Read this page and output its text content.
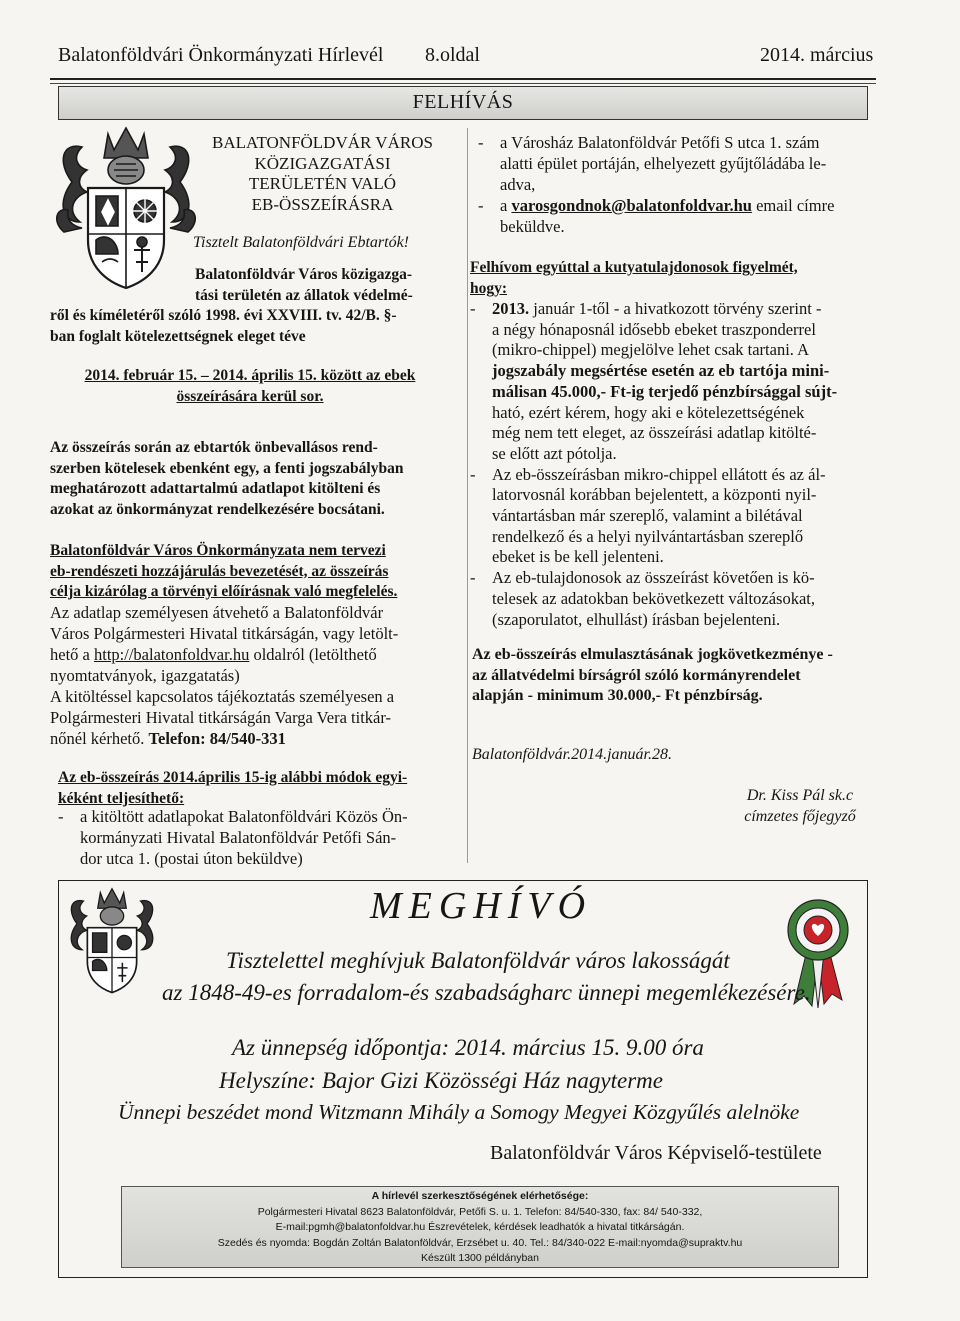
Balatonföldvári Önkormányzati Hírlevél 8.oldal	2014. március
FELHÍVÁS
BALATONFÖLDVÁR VÁROS
KÖZIGAZGATÁSI
TERÜLETÉN VALÓ
EB-ÖSSZEÍRÁSRA
Tisztelt Balatonföldvári Ebtartók!
Balatonföldvár Város közigazga-
tási területén az állatok védelmé-
ről és kíméletéről szóló 1998. évi XXVIII. tv. 42/B. §-
ban foglalt kötelezettségnek eleget téve
2014. február 15. – 2014. április 15. között az ebek
összeírására kerül sor.
Az összeírás során az ebtartók önbevallásos rend-
szerben kötelesek ebenként egy, a fenti jogszabályban
meghatározott adattartalmú adatlapot kitölteni és
azokat az önkormányzat rendelkezésére bocsátani.
Balatonföldvár Város Önkormányzata nem tervezi
eb-rendészeti hozzájárulás bevezetését, az összeírás
célja kizárólag a törvényi előírásnak való megfelelés.
Az adatlap személyesen átvehető a Balatonföldvár
Város Polgármesteri Hivatal titkárságán, vagy letölt-
hető a http://balatonfoldvar.hu oldalról (letölthető
nyomtatványok, igazgatatás)
A kitöltéssel kapcsolatos tájékoztatás személyesen a
Polgármesteri Hivatal titkárságán Varga Vera titkár-
nőnél kérhető. Telefon: 84/540-331
Az eb-összeírás 2014.április 15-ig alábbi módok egyi-
kéként teljesíthető:
-	a kitöltött adatlapokat Balatonföldvári Közös Ön-
kormányzati Hivatal Balatonföldvár Petőfi Sán-
dor utca 1. (postai úton beküldve)
-	a Városház Balatonföldvár Petőfi S utca 1. szám
alatti épület portáján, elhelyezett gyűjtőládába le-
adva,
-	a varosgondnok@balatonfoldvar.hu email címre
beküldve.
Felhívom egyúttal a kutyatulajdonosok figyelmét,
hogy:
-	2013. január 1-től - a hivatkozott törvény szerint -
a négy hónaposnál idősebb ebeket traszponderrel
(mikro-chippel) megjelölve lehet csak tartani. A
jogszabály megsértése esetén az eb tartója mini-
málisan 45.000,- Ft-ig terjedő pénzbírsággal sújt-
ható, ezért kérem, hogy aki e kötelezettségének
még nem tett eleget, az összeírási adatlap kitölté-
se előtt azt pótolja.
-	Az eb-összeírásban mikro-chippel ellátott és az ál-
latorvosnál korábban bejelentett, a központi nyil-
vántartásban már szereplő, valamint a bilétával
rendelkező és a helyi nyilvántartásban szereplő
ebeket is be kell jelenteni.
-	Az eb-tulajdonosok az összeírást követően is kö-
telesek az adatokban bekövetkezett változásokat,
(szaporulatot, elhullást) írásban bejelenteni.
Az eb-összeírás elmulasztásának jogkövetkezménye -
az állatvédelmi bírságról szóló kormányrendelet
alapján - minimum 30.000,- Ft pénzbírság.
Balatonföldvár.2014.január.28.
Dr. Kiss Pál sk.c
címzetes főjegyző
MEGHÍVÓ
Tisztelettel meghívjuk Balatonföldvár város lakosságát
az 1848-49-es forradalom-és szabadságharc ünnepi megemlékezésére.
Az ünnepség időpontja: 2014. március 15. 9.00 óra
Helyszíne: Bajor Gizi Közösségi Ház nagyterme
Ünnepi beszédet mond Witzmann Mihály a Somogy Megyei Közgyűlés alelnöke
Balatonföldvár Város Képviselő-testülete
A hírlevél szerkesztőségének elérhetősége:
Polgármesteri Hivatal 8623 Balatonföldvár, Petőfi S. u. 1. Telefon: 84/540-330, fax: 84/ 540-332,
E-mail:pgmh@balatonfoldvar.hu Észrevételek, kérdések leadhatók a hivatal titkárságán.
Szedés és nyomda: Bogdán Zoltán Balatonföldvár, Erzsébet u. 40. Tel.: 84/340-022 E-mail:nyomda@supraktv.hu
Készült 1300 példányban
